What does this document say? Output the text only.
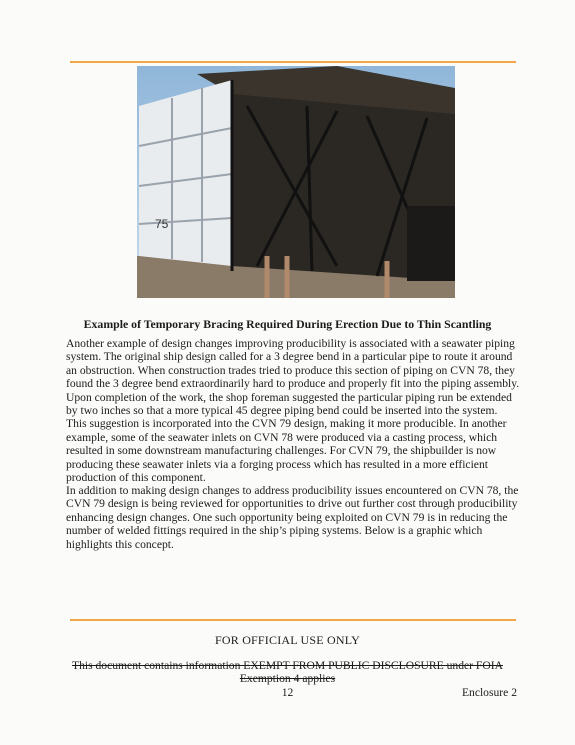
75
Example of Temporary Bracing Required During Erection Due to Thin Scantling

Another example of design changes improving producibility is associated with a seawater piping system. The original ship design called for a 3 degree bend in a particular pipe to route it around an obstruction. When construction trades tried to produce this section of piping on CVN 78, they found the 3 degree bend extraordinarily hard to produce and properly fit into the piping assembly. Upon completion of the work, the shop foreman suggested the particular piping run be extended by two inches so that a more typical 45 degree piping bend could be inserted into the system. This suggestion is incorporated into the CVN 79 design, making it more producible. In another example, some of the seawater inlets on CVN 78 were produced via a casting process, which resulted in some downstream manufacturing challenges. For CVN 79, the shipbuilder is now producing these seawater inlets via a forging process which has resulted in a more efficient production of this component.

In addition to making design changes to address producibility issues encountered on CVN 78, the CVN 79 design is being reviewed for opportunities to drive out further cost through producibility enhancing design changes. One such opportunity being exploited on CVN 79 is in reducing the number of welded fittings required in the ship’s piping systems. Below is a graphic which highlights this concept.

FOR OFFICIAL USE ONLY
This document contains information EXEMPT FROM PUBLIC DISCLOSURE under FOIA
Exemption 4 applies
12	Enclosure 2
